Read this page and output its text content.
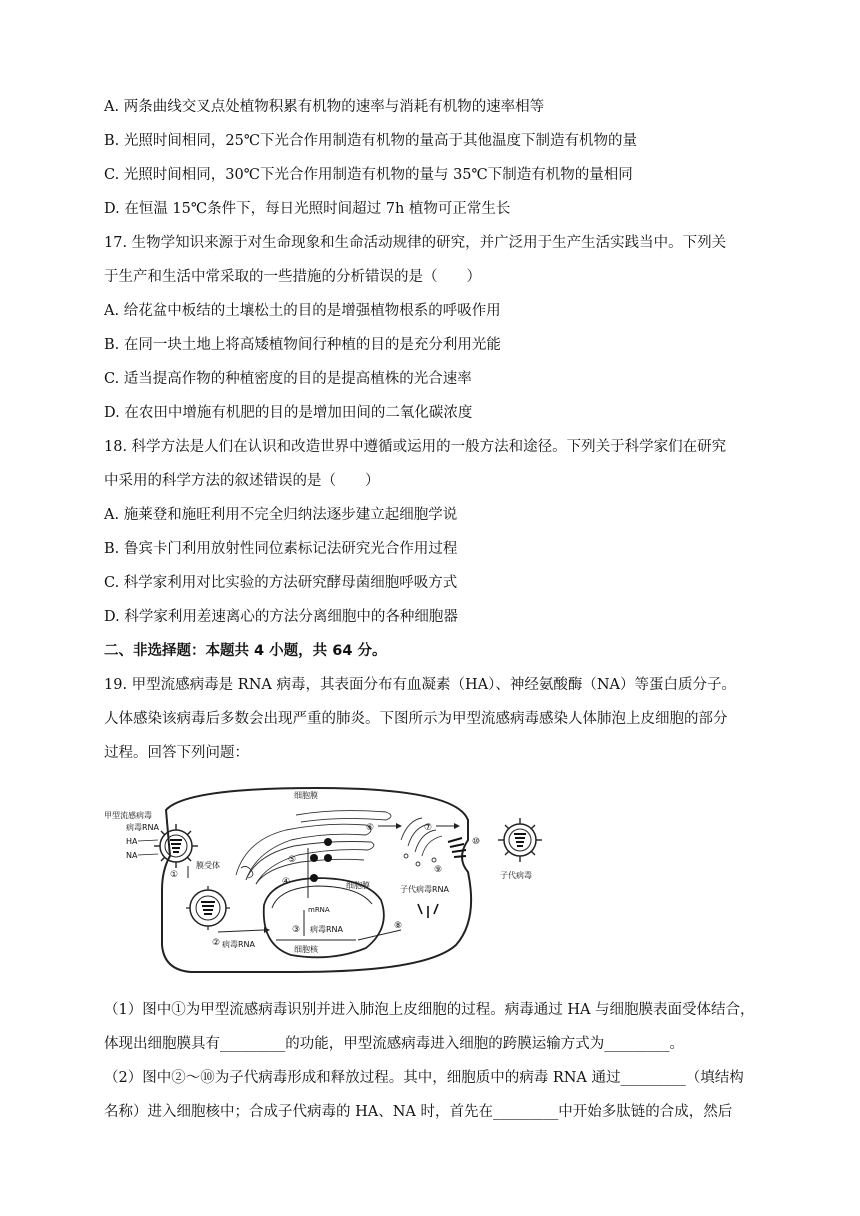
A. 两条曲线交叉点处植物积累有机物的速率与消耗有机物的速率相等
B. 光照时间相同，25℃下光合作用制造有机物的量高于其他温度下制造有机物的量
C. 光照时间相同，30℃下光合作用制造有机物的量与 35℃下制造有机物的量相同
D. 在恒温 15℃条件下，每日光照时间超过 7h 植物可正常生长
17. 生物学知识来源于对生命现象和生命活动规律的研究，并广泛用于生产生活实践当中。下列关
于生产和生活中常采取的一些措施的分析错误的是（　　）
A. 给花盆中板结的土壤松土的目的是增强植物根系的呼吸作用
B. 在同一块土地上将高矮植物间行种植的目的是充分利用光能
C. 适当提高作物的种植密度的目的是提高植株的光合速率
D. 在农田中增施有机肥的目的是增加田间的二氧化碳浓度
18. 科学方法是人们在认识和改造世界中遵循或运用的一般方法和途径。下列关于科学家们在研究
中采用的科学方法的叙述错误的是（　　）
A. 施莱登和施旺利用不完全归纳法逐步建立起细胞学说
B. 鲁宾卡门利用放射性同位素标记法研究光合作用过程
C. 科学家利用对比实验的方法研究酵母菌细胞呼吸方式
D. 科学家利用差速离心的方法分离细胞中的各种细胞器
二、非选择题：本题共 4 小题，共 64 分。
19. 甲型流感病毒是 RNA 病毒，其表面分布有血凝素（HA）、神经氨酸酶（NA）等蛋白质分子。
人体感染该病毒后多数会出现严重的肺炎。下图所示为甲型流感病毒感染人体肺泡上皮细胞的部分
过程。回答下列问题：
细胞膜
细胞核
甲型流感病毒
病毒RNA
HA
NA
膜受体
①
② 病毒RNA
mRNA
③ 病毒RNA
④
⑤
细胞膜
⑥	⑦
⑨
⑧
子代病毒RNA
⑩
子代病毒
（1）图中①为甲型流感病毒识别并进入肺泡上皮细胞的过程。病毒通过 HA 与细胞膜表面受体结合，
体现出细胞膜具有_________的功能，甲型流感病毒进入细胞的跨膜运输方式为_________。
（2）图中②～⑩为子代病毒形成和释放过程。其中，细胞质中的病毒 RNA 通过_________（填结构
名称）进入细胞核中；合成子代病毒的 HA、NA 时，首先在_________中开始多肽链的合成，然后
